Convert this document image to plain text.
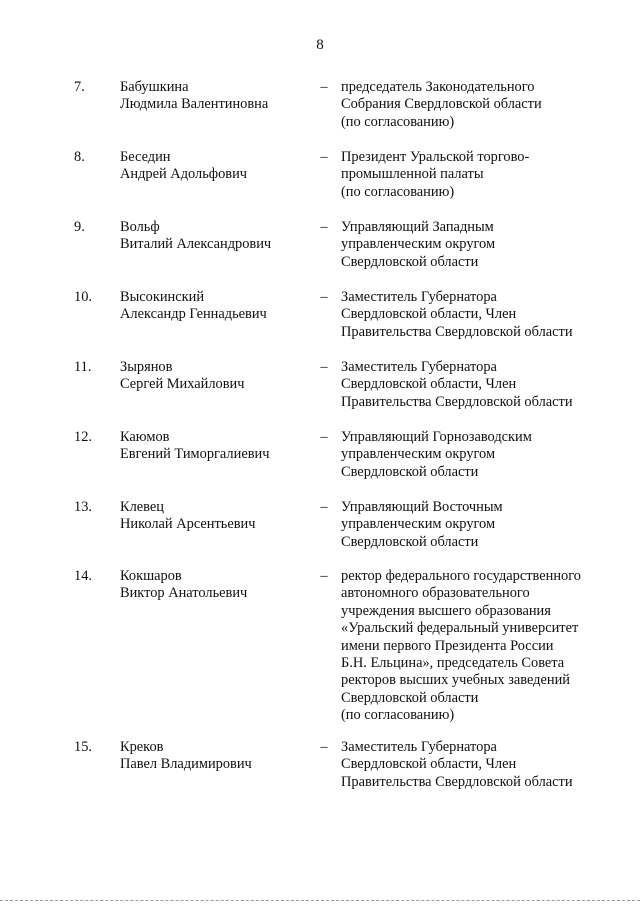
8
7.	Бабушкина
Людмила Валентиновна
– председатель Законодательного
Собрания Свердловской области
(по согласованию)
8.	Беседин
Андрей Адольфович
– Президент Уральской торгово-
промышленной палаты
(по согласованию)
9.	Вольф
Виталий Александрович
– Управляющий Западным
управленческим округом
Свердловской области
10.	Высокинский
Александр Геннадьевич
– Заместитель Губернатора
Свердловской области, Член
Правительства Свердловской области
11.	Зырянов
Сергей Михайлович
– Заместитель Губернатора
Свердловской области, Член
Правительства Свердловской области
12.	Каюмов
Евгений Тиморгалиевич
– Управляющий Горнозаводским
управленческим округом
Свердловской области
13.	Клевец
Николай Арсентьевич
– Управляющий Восточным
управленческим округом
Свердловской области
14.	Кокшаров
Виктор Анатольевич
– ректор федерального государственного
автономного образовательного
учреждения высшего образования
«Уральский федеральный университет
имени первого Президента России
Б.Н. Ельцина», председатель Совета
ректоров высших учебных заведений
Свердловской области
(по согласованию)
15.	Креков
Павел Владимирович
– Заместитель Губернатора
Свердловской области, Член
Правительства Свердловской области
